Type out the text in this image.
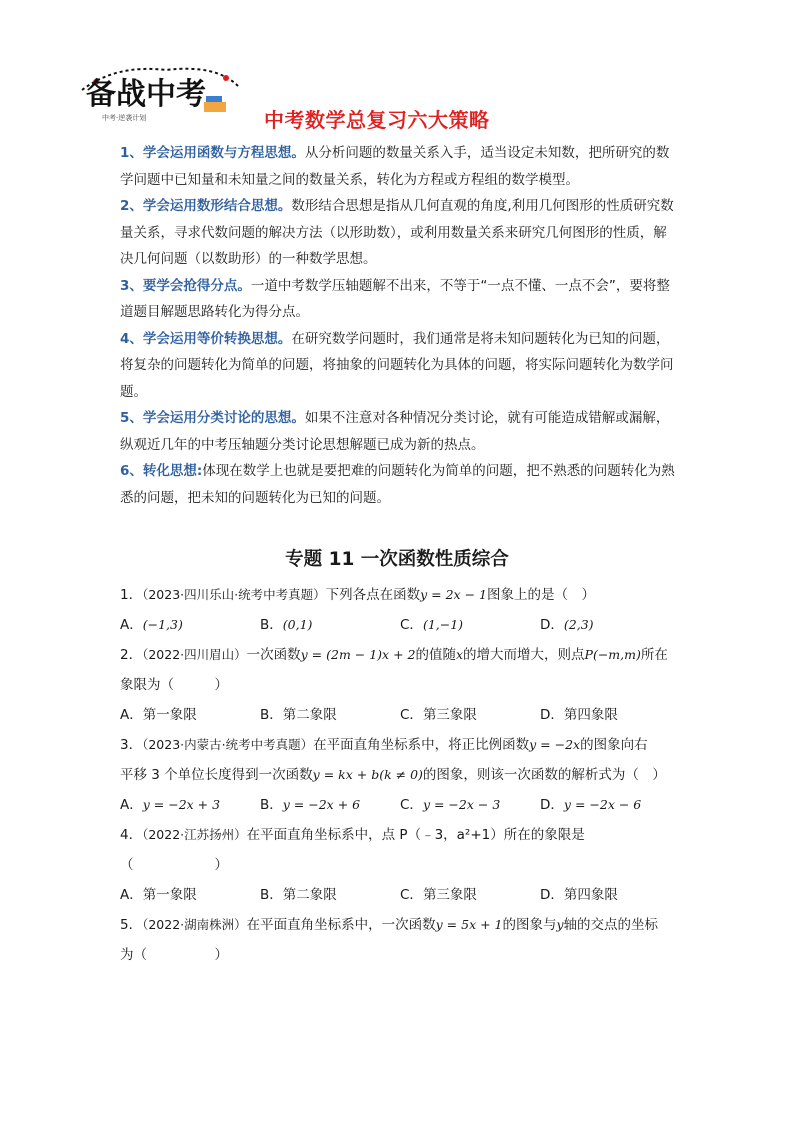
备战中考
中考·逆袭计划	中考数学总复习六大策略

1、学会运用函数与方程思想。从分析问题的数量关系入手，适当设定未知数，把所研究的数学问题中已知量和未知量之间的数量关系，转化为方程或方程组的数学模型。

2、学会运用数形结合思想。数形结合思想是指从几何直观的角度,利用几何图形的性质研究数量关系，寻求代数问题的解决方法（以形助数），或利用数量关系来研究几何图形的性质，解决几何问题（以数助形）的一种数学思想。

3、要学会抢得分点。一道中考数学压轴题解不出来，不等于“一点不懂、一点不会”，要将整道题目解题思路转化为得分点。

4、学会运用等价转换思想。在研究数学问题时，我们通常是将未知问题转化为已知的问题，将复杂的问题转化为简单的问题，将抽象的问题转化为具体的问题，将实际问题转化为数学问题。

5、学会运用分类讨论的思想。如果不注意对各种情况分类讨论，就有可能造成错解或漏解，纵观近几年的中考压轴题分类讨论思想解题已成为新的热点。

6、转化思想:体现在数学上也就是要把难的问题转化为简单的问题，把不熟悉的问题转化为熟悉的问题，把未知的问题转化为已知的问题。

专题 11 一次函数性质综合

1．（2023·四川乐山·统考中考真题）下列各点在函数y = 2x − 1图象上的是（　）

A．(−1,3)	B．(0,1)	C．(1,−1)	D．(2,3)

2．（2022·四川眉山）一次函数y = (2m − 1)x + 2的值随x的增大而增大，则点P(−m,m)所在
象限为（　　　）

A．第一象限	B．第二象限	C．第三象限	D．第四象限

3．（2023·内蒙古·统考中考真题）在平面直角坐标系中，将正比例函数y = −2x的图象向右
平移 3 个单位长度得到一次函数y = kx + b(k ≠ 0)的图象，则该一次函数的解析式为（　）

A．y = −2x + 3	B．y = −2x + 6	C．y = −2x − 3	D．y = −2x − 6

4．（2022·江苏扬州）在平面直角坐标系中，点 P（﹣3，a²+1）所在的象限是
（　　　　　　）

A．第一象限	B．第二象限	C．第三象限	D．第四象限

5．（2022·湖南株洲）在平面直角坐标系中，一次函数y = 5x + 1的图象与y轴的交点的坐标
为（　　　　　）
